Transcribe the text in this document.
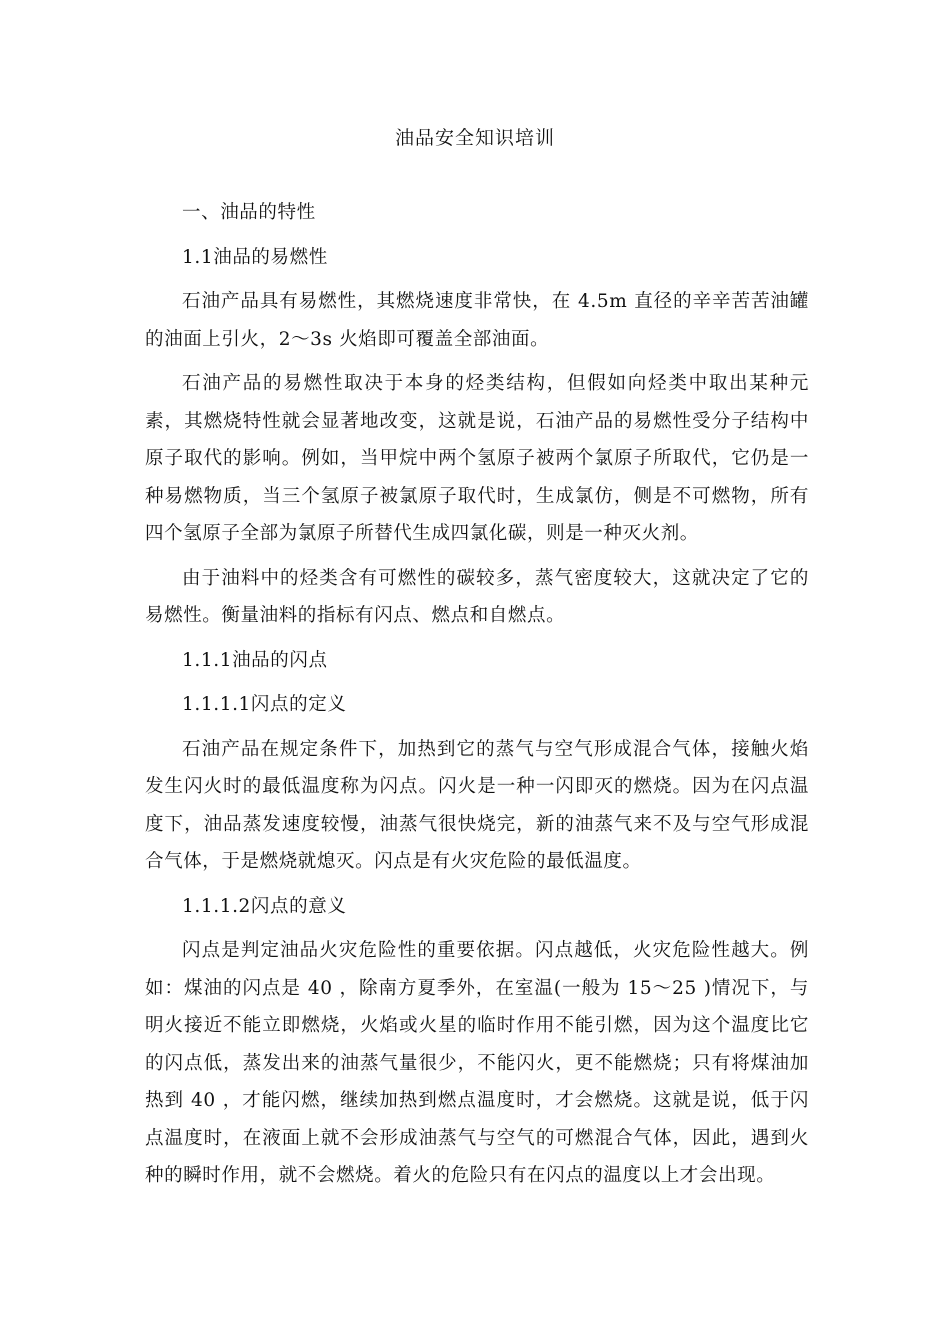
油品安全知识培训

一、油品的特性

1.1油品的易燃性

石油产品具有易燃性，其燃烧速度非常快，在 4.5m 直径的辛辛苦苦油罐的油面上引火，2～3s 火焰即可覆盖全部油面。

石油产品的易燃性取决于本身的烃类结构，但假如向烃类中取出某种元素，其燃烧特性就会显著地改变，这就是说，石油产品的易燃性受分子结构中原子取代的影响。例如，当甲烷中两个氢原子被两个氯原子所取代，它仍是一种易燃物质，当三个氢原子被氯原子取代时，生成氯仿，侧是不可燃物，所有四个氢原子全部为氯原子所替代生成四氯化碳，则是一种灭火剂。

由于油料中的烃类含有可燃性的碳较多，蒸气密度较大，这就决定了它的易燃性。衡量油料的指标有闪点、燃点和自燃点。

1.1.1油品的闪点

1.1.1.1闪点的定义

石油产品在规定条件下，加热到它的蒸气与空气形成混合气体，接触火焰发生闪火时的最低温度称为闪点。闪火是一种一闪即灭的燃烧。因为在闪点温度下，油品蒸发速度较慢，油蒸气很快烧完，新的油蒸气来不及与空气形成混合气体，于是燃烧就熄灭。闪点是有火灾危险的最低温度。

1.1.1.2闪点的意义

闪点是判定油品火灾危险性的重要依据。闪点越低，火灾危险性越大。例如：煤油的闪点是 40 ，除南方夏季外，在室温(一般为 15～25 )情况下，与明火接近不能立即燃烧，火焰或火星的临时作用不能引燃，因为这个温度比它的闪点低，蒸发出来的油蒸气量很少，不能闪火，更不能燃烧；只有将煤油加热到 40 ，才能闪燃，继续加热到燃点温度时，才会燃烧。这就是说，低于闪点温度时，在液面上就不会形成油蒸气与空气的可燃混合气体，因此，遇到火种的瞬时作用，就不会燃烧。着火的危险只有在闪点的温度以上才会出现。
